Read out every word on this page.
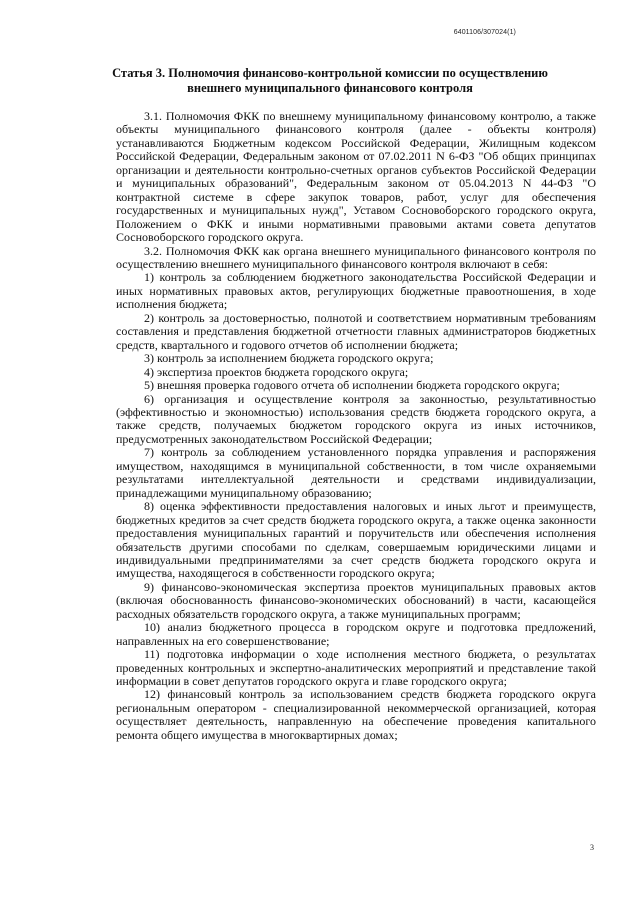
6401106/307024(1)
Статья 3. Полномочия финансово-контрольной комиссии по осуществлению
внешнего муниципального финансового контроля

3.1. Полномочия ФКК по внешнему муниципальному финансовому контролю, а также объекты муниципального финансового контроля (далее - объекты контроля) устанавливаются Бюджетным кодексом Российской Федерации, Жилищным кодексом Российской Федерации, Федеральным законом от 07.02.2011 N 6-ФЗ "Об общих принципах организации и деятельности контрольно-счетных органов субъектов Российской Федерации и муниципальных образований", Федеральным законом от 05.04.2013 N 44-ФЗ "О контрактной системе в сфере закупок товаров, работ, услуг для обеспечения государственных и муниципальных нужд", Уставом Сосновоборского городского округа, Положением о ФКК и иными нормативными правовыми актами совета депутатов Сосновоборского городского округа.

3.2. Полномочия ФКК как органа внешнего муниципального финансового контроля по осуществлению внешнего муниципального финансового контроля включают в себя:

1) контроль за соблюдением бюджетного законодательства Российской Федерации и иных нормативных правовых актов, регулирующих бюджетные правоотношения, в ходе исполнения бюджета;

2) контроль за достоверностью, полнотой и соответствием нормативным требованиям составления и представления бюджетной отчетности главных администраторов бюджетных средств, квартального и годового отчетов об исполнении бюджета;

3) контроль за исполнением бюджета городского округа;

4) экспертиза проектов бюджета городского округа;

5) внешняя проверка годового отчета об исполнении бюджета городского округа;

6) организация и осуществление контроля за законностью, результативностью (эффективностью и экономностью) использования средств бюджета городского округа, а также средств, получаемых бюджетом городского округа из иных источников, предусмотренных законодательством Российской Федерации;

7) контроль за соблюдением установленного порядка управления и распоряжения имуществом, находящимся в муниципальной собственности, в том числе охраняемыми результатами интеллектуальной деятельности и средствами индивидуализации, принадлежащими муниципальному образованию;

8) оценка эффективности предоставления налоговых и иных льгот и преимуществ, бюджетных кредитов за счет средств бюджета городского округа, а также оценка законности предоставления муниципальных гарантий и поручительств или обеспечения исполнения обязательств другими способами по сделкам, совершаемым юридическими лицами и индивидуальными предпринимателями за счет средств бюджета городского округа и имущества, находящегося в собственности городского округа;

9) финансово-экономическая экспертиза проектов муниципальных правовых актов (включая обоснованность финансово-экономических обоснований) в части, касающейся расходных обязательств городского округа, а также муниципальных программ;

10) анализ бюджетного процесса в городском округе и подготовка предложений, направленных на его совершенствование;

11) подготовка информации о ходе исполнения местного бюджета, о результатах проведенных контрольных и экспертно-аналитических мероприятий и представление такой информации в совет депутатов городского округа и главе городского округа;

12) финансовый контроль за использованием средств бюджета городского округа региональным оператором - специализированной некоммерческой организацией, которая осуществляет деятельность, направленную на обеспечение проведения капитального ремонта общего имущества в многоквартирных домах;

3
